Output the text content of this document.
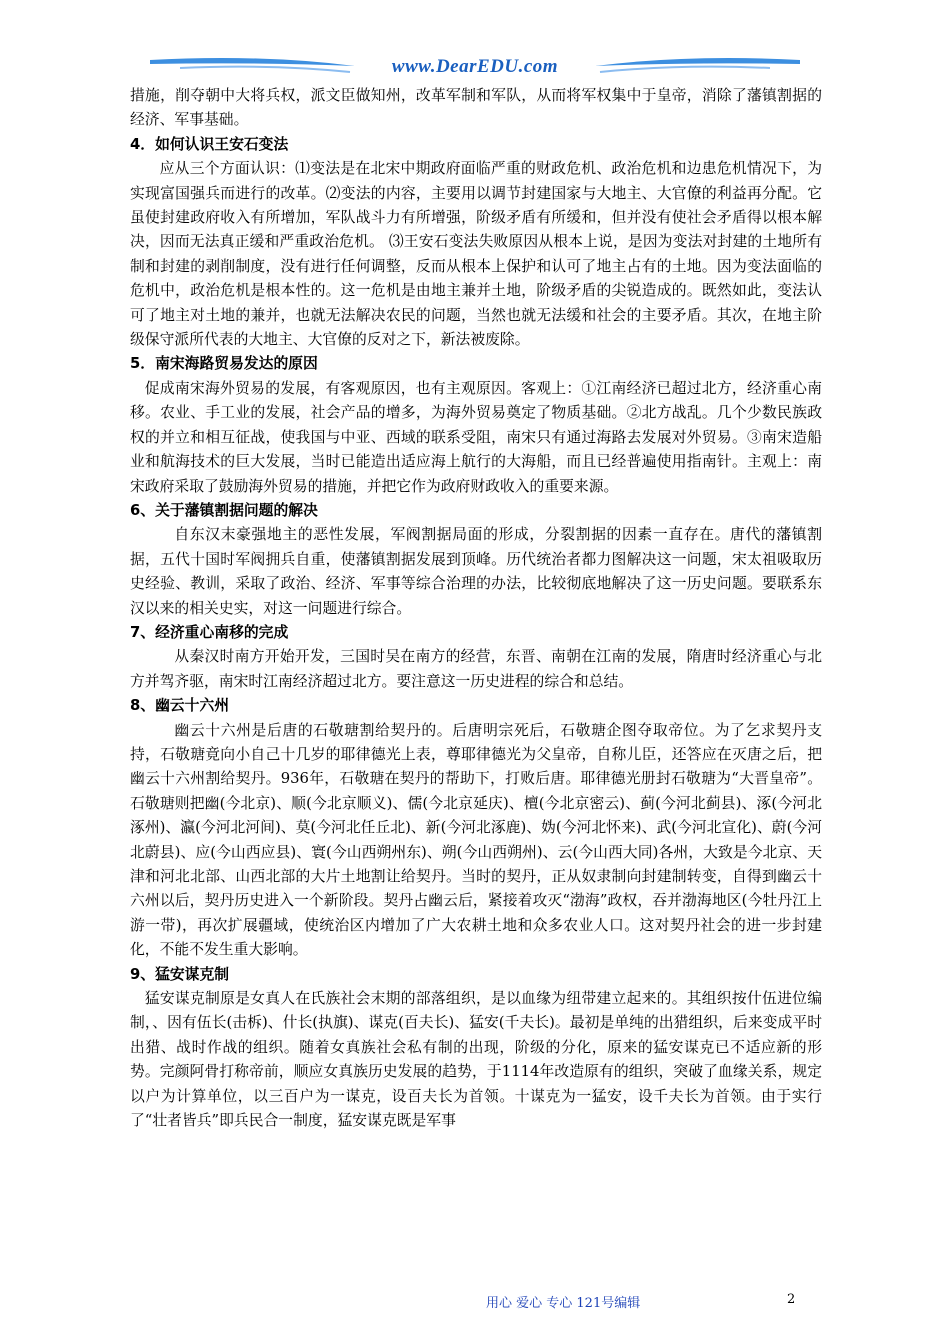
www.DearEDU.com

措施，削夺朝中大将兵权，派文臣做知州，改革军制和军队，从而将军权集中于皇帝，消除了藩镇割据的经济、军事基础。

4．如何认识王安石变法

应从三个方面认识：⑴变法是在北宋中期政府面临严重的财政危机、政治危机和边患危机情况下，为实现富国强兵而进行的改革。⑵变法的内容，主要用以调节封建国家与大地主、大官僚的利益再分配。它虽使封建政府收入有所增加，军队战斗力有所增强，阶级矛盾有所缓和，但并没有使社会矛盾得以根本解决，因而无法真正缓和严重政治危机。 ⑶王安石变法失败原因从根本上说，是因为变法对封建的土地所有制和封建的剥削制度，没有进行任何调整，反而从根本上保护和认可了地主占有的土地。因为变法面临的危机中，政治危机是根本性的。这一危机是由地主兼并土地，阶级矛盾的尖锐造成的。既然如此，变法认可了地主对土地的兼并，也就无法解决农民的问题，当然也就无法缓和社会的主要矛盾。其次，在地主阶级保守派所代表的大地主、大官僚的反对之下，新法被废除。

5．南宋海路贸易发达的原因

促成南宋海外贸易的发展，有客观原因，也有主观原因。客观上：①江南经济已超过北方，经济重心南移。农业、手工业的发展，社会产品的增多，为海外贸易奠定了物质基础。②北方战乱。几个少数民族政权的并立和相互征战，使我国与中亚、西域的联系受阻，南宋只有通过海路去发展对外贸易。③南宋造船业和航海技术的巨大发展，当时已能造出适应海上航行的大海船，而且已经普遍使用指南针。主观上：南宋政府采取了鼓励海外贸易的措施，并把它作为政府财政收入的重要来源。

6、关于藩镇割据问题的解决

自东汉末豪强地主的恶性发展，军阀割据局面的形成，分裂割据的因素一直存在。唐代的藩镇割据，五代十国时军阀拥兵自重，使藩镇割据发展到顶峰。历代统治者都力图解决这一问题，宋太祖吸取历史经验、教训，采取了政治、经济、军事等综合治理的办法，比较彻底地解决了这一历史问题。要联系东汉以来的相关史实，对这一问题进行综合。

7、经济重心南移的完成

从秦汉时南方开始开发，三国时吴在南方的经营，东晋、南朝在江南的发展，隋唐时经济重心与北方并驾齐驱，南宋时江南经济超过北方。要注意这一历史进程的综合和总结。

8、幽云十六州

幽云十六州是后唐的石敬瑭割给契丹的。后唐明宗死后，石敬瑭企图夺取帝位。为了乞求契丹支持，石敬瑭竟向小自己十几岁的耶律德光上表，尊耶律德光为父皇帝，自称儿臣，还答应在灭唐之后，把幽云十六州割给契丹。936年，石敬瑭在契丹的帮助下，打败后唐。耶律德光册封石敬瑭为“大晋皇帝”。石敬瑭则把幽(今北京)、顺(今北京顺义)、儒(今北京延庆)、檀(今北京密云)、蓟(今河北蓟县)、涿(今河北涿州)、瀛(今河北河间)、莫(今河北任丘北)、新(今河北涿鹿)、妫(今河北怀来)、武(今河北宣化)、蔚(今河北蔚县)、应(今山西应县)、寰(今山西朔州东)、朔(今山西朔州)、云(今山西大同)各州，大致是今北京、天津和河北北部、山西北部的大片土地割让给契丹。当时的契丹，正从奴隶制向封建制转变，自得到幽云十六州以后，契丹历史进入一个新阶段。契丹占幽云后，紧接着攻灭“渤海”政权，吞并渤海地区(今牡丹江上游一带)，再次扩展疆域，使统治区内增加了广大农耕土地和众多农业人口。这对契丹社会的进一步封建化，不能不发生重大影响。

9、猛安谋克制

猛安谋克制原是女真人在氏族社会末期的部落组织，是以血缘为纽带建立起来的。其组织按什伍进位编制，、因有伍长(击柝)、什长(执旗)、谋克(百夫长)、猛安(千夫长)。最初是单纯的出猎组织，后来变成平时出猎、战时作战的组织。随着女真族社会私有制的出现，阶级的分化，原来的猛安谋克已不适应新的形势。完颜阿骨打称帝前，顺应女真族历史发展的趋势，于1114年改造原有的组织，突破了血缘关系，规定以户为计算单位，以三百户为一谋克，设百夫长为首领。十谋克为一猛安，设千夫长为首领。由于实行了“壮者皆兵”即兵民合一制度，猛安谋克既是军事

用心 爱心 专心 121号编辑	2
